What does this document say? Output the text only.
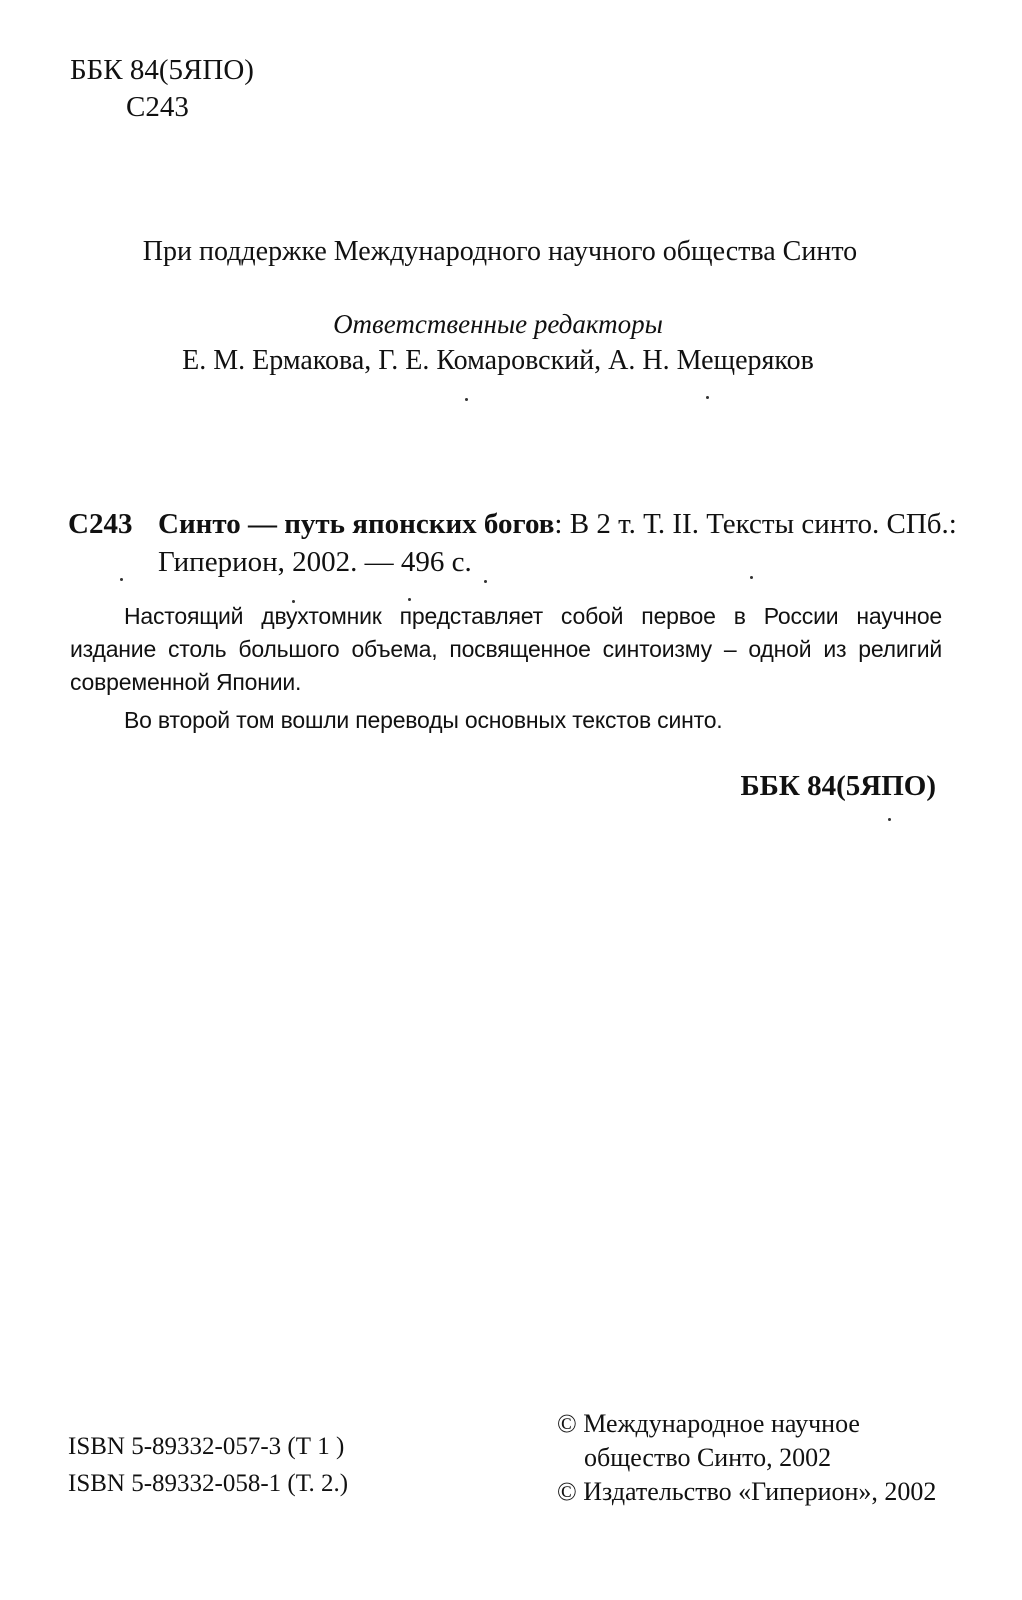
ББК 84(5ЯПО)
С243
При поддержке Международного научного общества Синто
Ответственные редакторы
Е. М. Ермакова, Г. Е. Комаровский, А. Н. Мещеряков
С243 Синто — путь японских богов: В 2 т. Т. II. Тексты синто. СПб.:
Гиперион, 2002. — 496 с.
Настоящий двухтомник представляет собой первое в России научное издание столь большого объема, посвященное синтоизму – одной из религий современной Японии.
Во второй том вошли переводы основных текстов синто.
ББК 84(5ЯПО)
ISBN 5-89332-057-3 (Т 1 )
ISBN 5-89332-058-1 (Т. 2.)
© Международное научное
общество Синто, 2002
© Издательство «Гиперион», 2002
